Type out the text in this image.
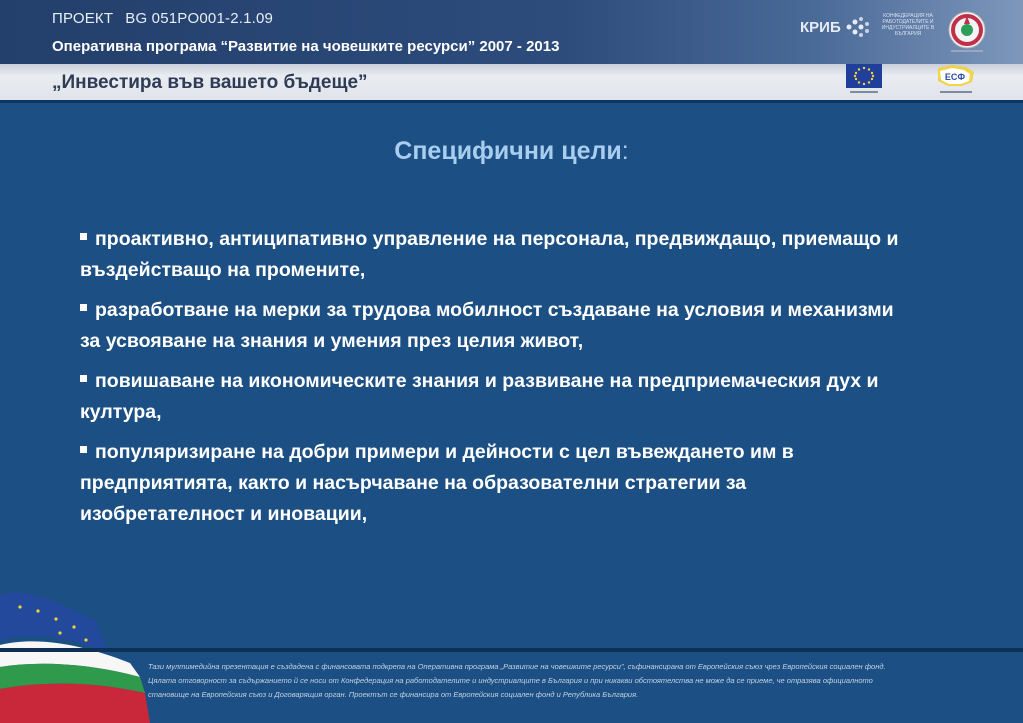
ПРОЕКТ BG 051PO001-2.1.09
Оперативна програма “Развитие на човешките ресурси” 2007 - 2013
„Инвестира във вашето бъдеще”
КРИБ
КОНФЕДЕРАЦИЯ НА РАБОТОДАТЕЛИТЕ И ИНДУСТРИАЛЦИТЕ В БЪЛГАРИЯ
ЕСФ
Специфични цели:
проактивно, антиципативно управление на персонала, предвиждащо, приемащо и въздействащо на промените,
разработване на мерки за трудова мобилност създаване на условия и механизми за усвояване на знания и умения през целия живот,
повишаване на икономическите знания и развиване на предприемаческия дух и култура,
популяризиране на добри примери и дейности с цел въвеждането им в предприятията, както и насърчаване на образователни стратегии за изобретателност и иновации,
Тази мултимедийна презентация е създадена с финансовата подкрепа на Оперативна програма „Развитие на човешките ресурси”, съфинансирана от Европейския съюз чрез Европейския социален фонд. Цялата отговорност за съдържанието й се носи от Конфедерация на работодателите и индустриалците в България и при никакви обстоятелства не може да се приеме, че отразява официалното становище на Европейския съюз и Договарящия орган. Проектът се финансира от Европейския социален фонд и Република България.
